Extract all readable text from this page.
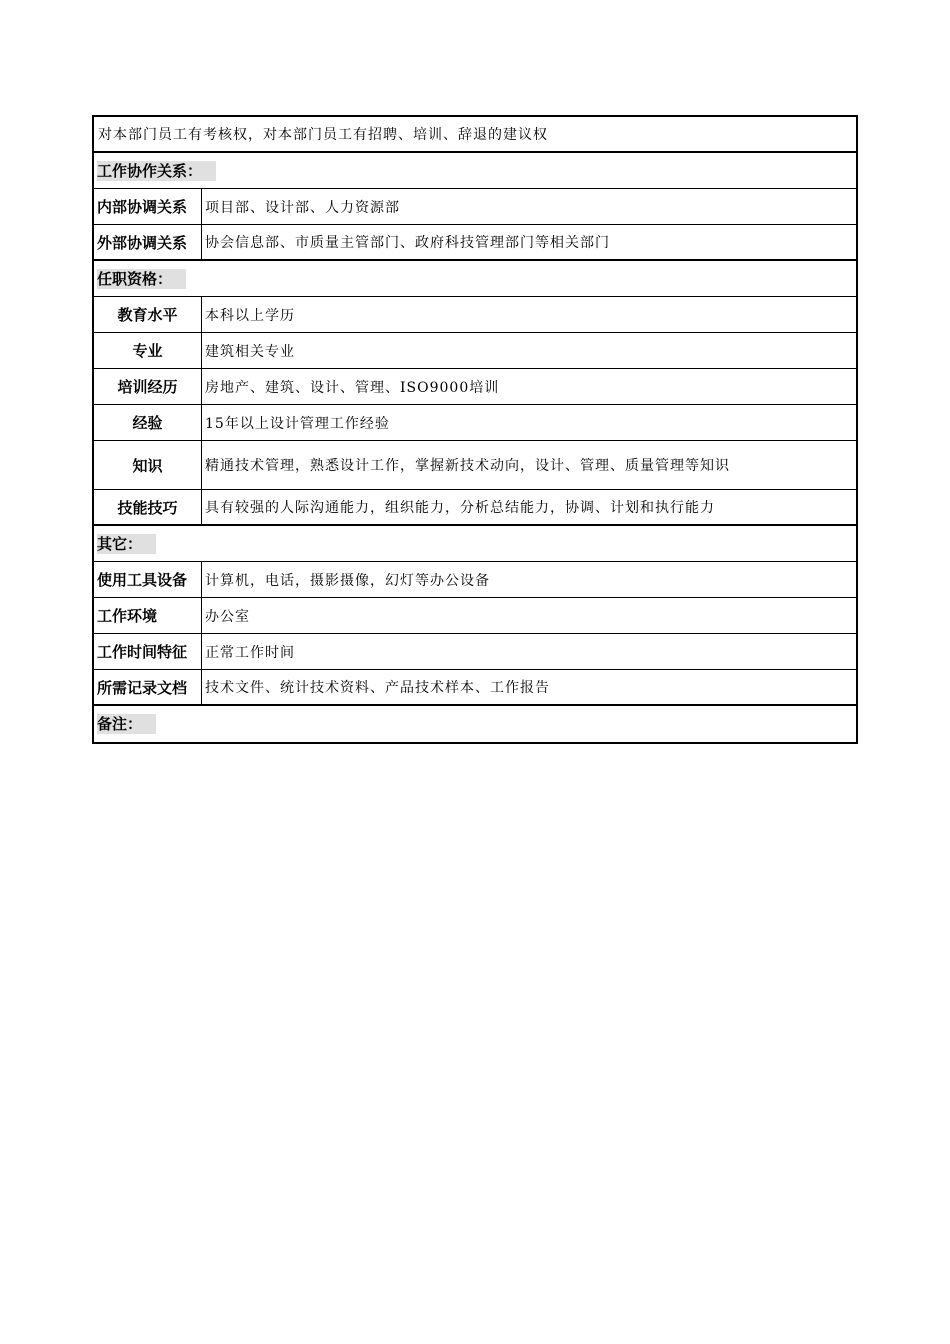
对本部门员工有考核权，对本部门员工有招聘、培训、辞退的建议权
工作协作关系：
内部协调关系	项目部、设计部、人力资源部
外部协调关系	协会信息部、市质量主管部门、政府科技管理部门等相关部门
任职资格：
教育水平	本科以上学历
专业	建筑相关专业
培训经历	房地产、建筑、设计、管理、ISO9000培训
经验	15年以上设计管理工作经验
知识	精通技术管理，熟悉设计工作，掌握新技术动向，设计、管理、质量管理等知识
技能技巧	具有较强的人际沟通能力，组织能力，分析总结能力，协调、计划和执行能力
其它：
使用工具设备	计算机，电话，摄影摄像，幻灯等办公设备
工作环境	办公室
工作时间特征	正常工作时间
所需记录文档	技术文件、统计技术资料、产品技术样本、工作报告
备注：
